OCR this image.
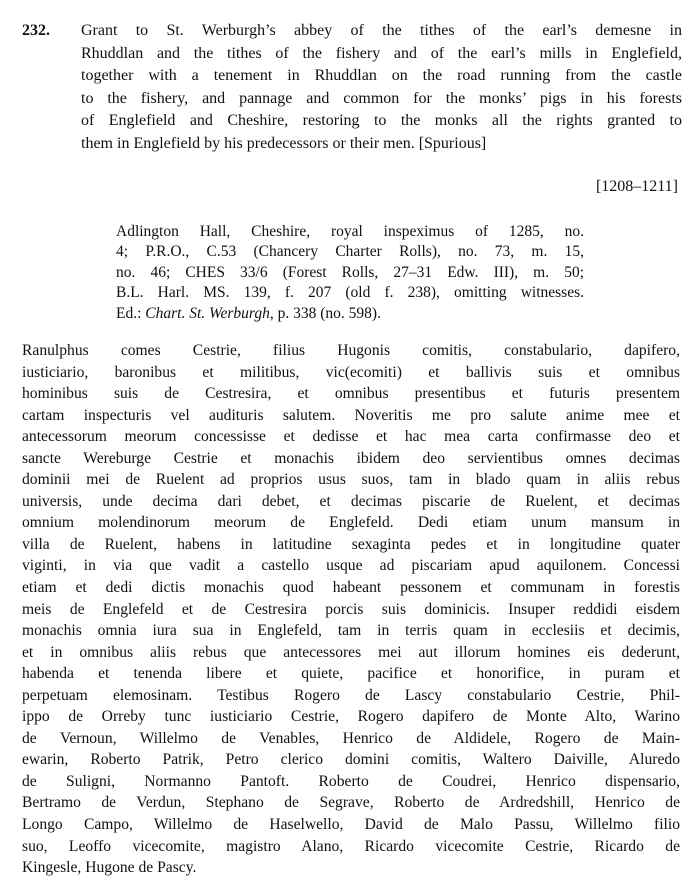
232. Grant to St. Werburgh’s abbey of the tithes of the earl’s demesne in
Rhuddlan and the tithes of the fishery and of the earl’s mills in Englefield,
together with a tenement in Rhuddlan on the road running from the castle
to the fishery, and pannage and common for the monks’ pigs in his forests
of Englefield and Cheshire, restoring to the monks all the rights granted to
them in Englefield by his predecessors or their men. [Spurious]
[1208–1211]
Adlington Hall, Cheshire, royal inspeximus of 1285, no.
4; P.R.O., C.53 (Chancery Charter Rolls), no. 73, m. 15,
no. 46; CHES 33/6 (Forest Rolls, 27–31 Edw. III), m. 50;
B.L. Harl. MS. 139, f. 207 (old f. 238), omitting witnesses.
Ed.: Chart. St. Werburgh, p. 338 (no. 598).
Ranulphus comes Cestrie, filius Hugonis comitis, constabulario, dapifero,
iusticiario, baronibus et militibus, vic(ecomiti) et ballivis suis et omnibus
hominibus suis de Cestresira, et omnibus presentibus et futuris presentem
cartam inspecturis vel audituris salutem. Noveritis me pro salute anime mee et
antecessorum meorum concessisse et dedisse et hac mea carta confirmasse deo et
sancte Wereburge Cestrie et monachis ibidem deo servientibus omnes decimas
dominii mei de Ruelent ad proprios usus suos, tam in blado quam in aliis rebus
universis, unde decima dari debet, et decimas piscarie de Ruelent, et decimas
omnium molendinorum meorum de Englefeld. Dedi etiam unum mansum in
villa de Ruelent, habens in latitudine sexaginta pedes et in longitudine quater
viginti, in via que vadit a castello usque ad piscariam apud aquilonem. Concessi
etiam et dedi dictis monachis quod habeant pessonem et communam in forestis
meis de Englefeld et de Cestresira porcis suis dominicis. Insuper reddidi eisdem
monachis omnia iura sua in Englefeld, tam in terris quam in ecclesiis et decimis,
et in omnibus aliis rebus que antecessores mei aut illorum homines eis dederunt,
habenda et tenenda libere et quiete, pacifice et honorifice, in puram et
perpetuam elemosinam. Testibus Rogero de Lascy constabulario Cestrie, Phil-
ippo de Orreby tunc iusticiario Cestrie, Rogero dapifero de Monte Alto, Warino
de Vernoun, Willelmo de Venables, Henrico de Aldidele, Rogero de Main-
ewarin, Roberto Patrik, Petro clerico domini comitis, Waltero Daiville, Aluredo
de Suligni, Normanno Pantoft. Roberto de Coudrei, Henrico dispensario,
Bertramo de Verdun, Stephano de Segrave, Roberto de Ardredshill, Henrico de
Longo Campo, Willelmo de Haselwello, David de Malo Passu, Willelmo filio
suo, Leoffo vicecomite, magistro Alano, Ricardo vicecomite Cestrie, Ricardo de
Kingesle, Hugone de Pascy.
